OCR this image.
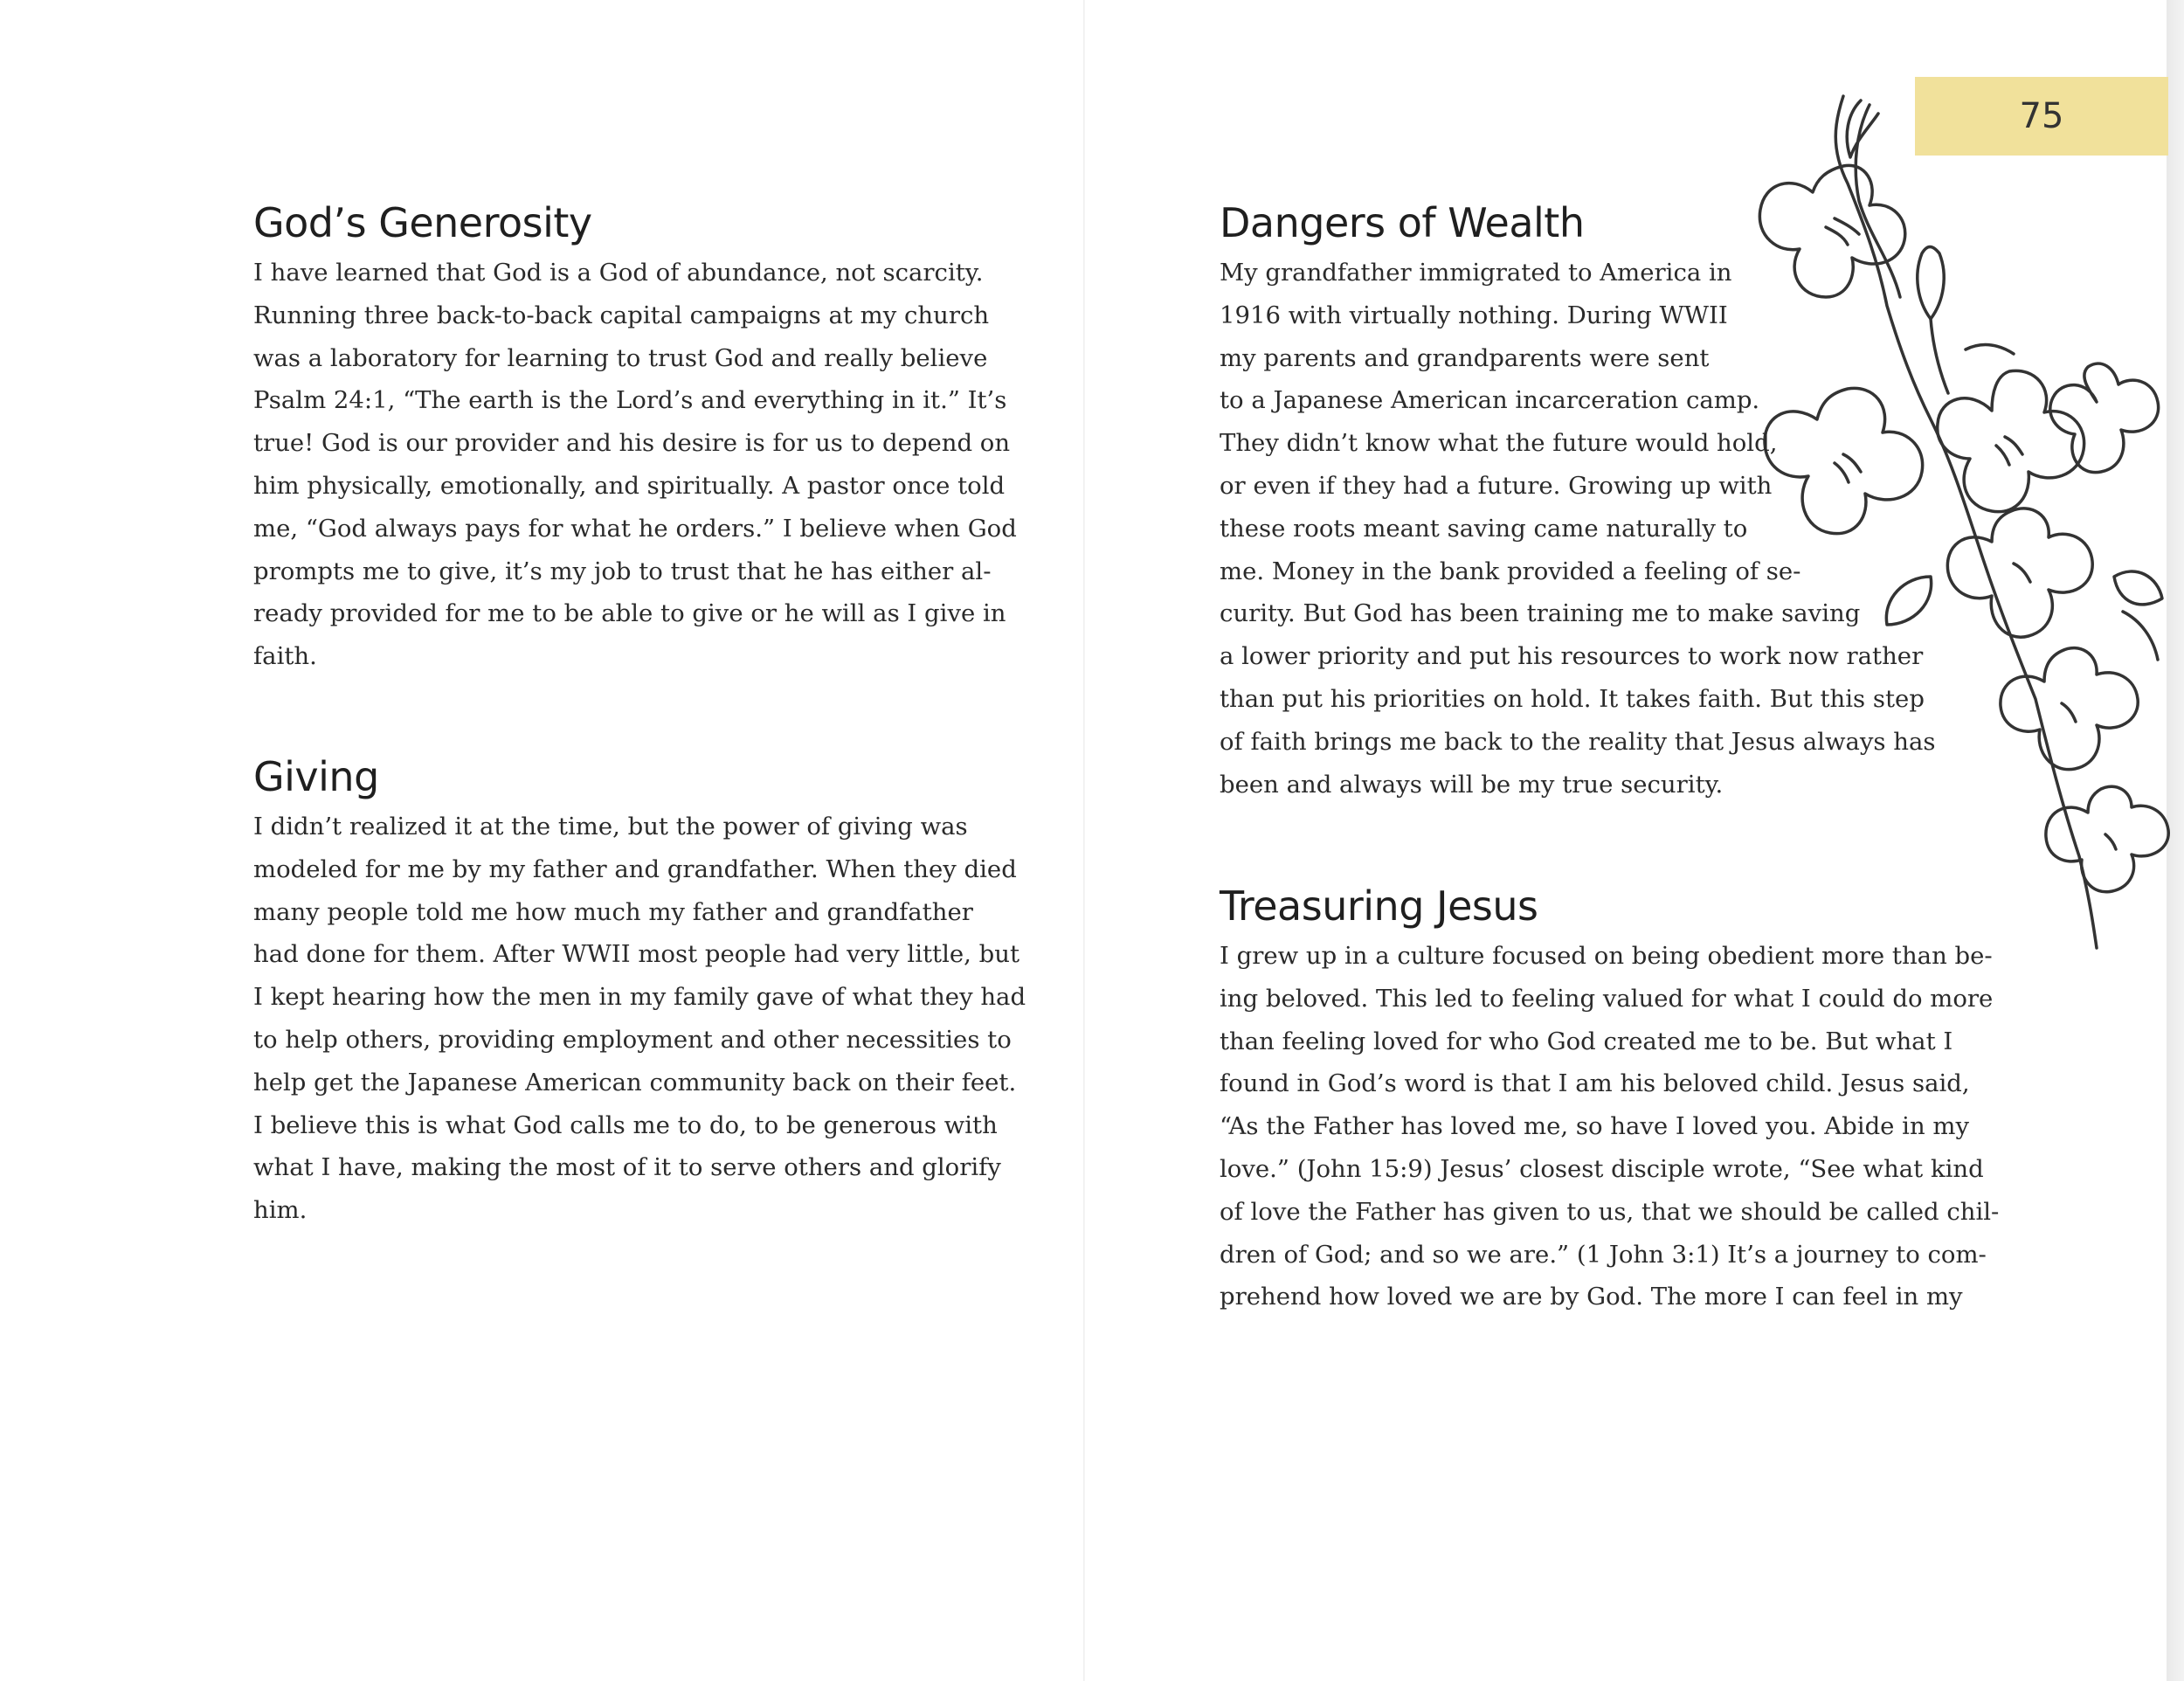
75
God’s Generosity

I have learned that God is a God of abundance, not scarcity.
Running three back-to-back capital campaigns at my church
was a laboratory for learning to trust God and really believe
Psalm 24:1, “The earth is the Lord’s and everything in it.” It’s
true! God is our provider and his desire is for us to depend on
him physically, emotionally, and spiritually. A pastor once told
me, “God always pays for what he orders.” I believe when God
prompts me to give, it’s my job to trust that he has either al-
ready provided for me to be able to give or he will as I give in
faith.

Giving

I didn’t realized it at the time, but the power of giving was
modeled for me by my father and grandfather. When they died
many people told me how much my father and grandfather
had done for them. After WWII most people had very little, but
I kept hearing how the men in my family gave of what they had
to help others, providing employment and other necessities to
help get the Japanese American community back on their feet.
I believe this is what God calls me to do, to be generous with
what I have, making the most of it to serve others and glorify
him.

Dangers of Wealth

My grandfather immigrated to America in
1916 with virtually nothing. During WWII
my parents and grandparents were sent
to a Japanese American incarceration camp.
They didn’t know what the future would hold,
or even if they had a future. Growing up with
these roots meant saving came naturally to
me. Money in the bank provided a feeling of se-
curity. But God has been training me to make saving
a lower priority and put his resources to work now rather
than put his priorities on hold. It takes faith. But this step
of faith brings me back to the reality that Jesus always has
been and always will be my true security.

Treasuring Jesus

I grew up in a culture focused on being obedient more than be-
ing beloved. This led to feeling valued for what I could do more
than feeling loved for who God created me to be. But what I
found in God’s word is that I am his beloved child. Jesus said,
“As the Father has loved me, so have I loved you. Abide in my
love.” (John 15:9) Jesus’ closest disciple wrote, “See what kind
of love the Father has given to us, that we should be called chil-
dren of God; and so we are.” (1 John 3:1) It’s a journey to com-
prehend how loved we are by God. The more I can feel in my
